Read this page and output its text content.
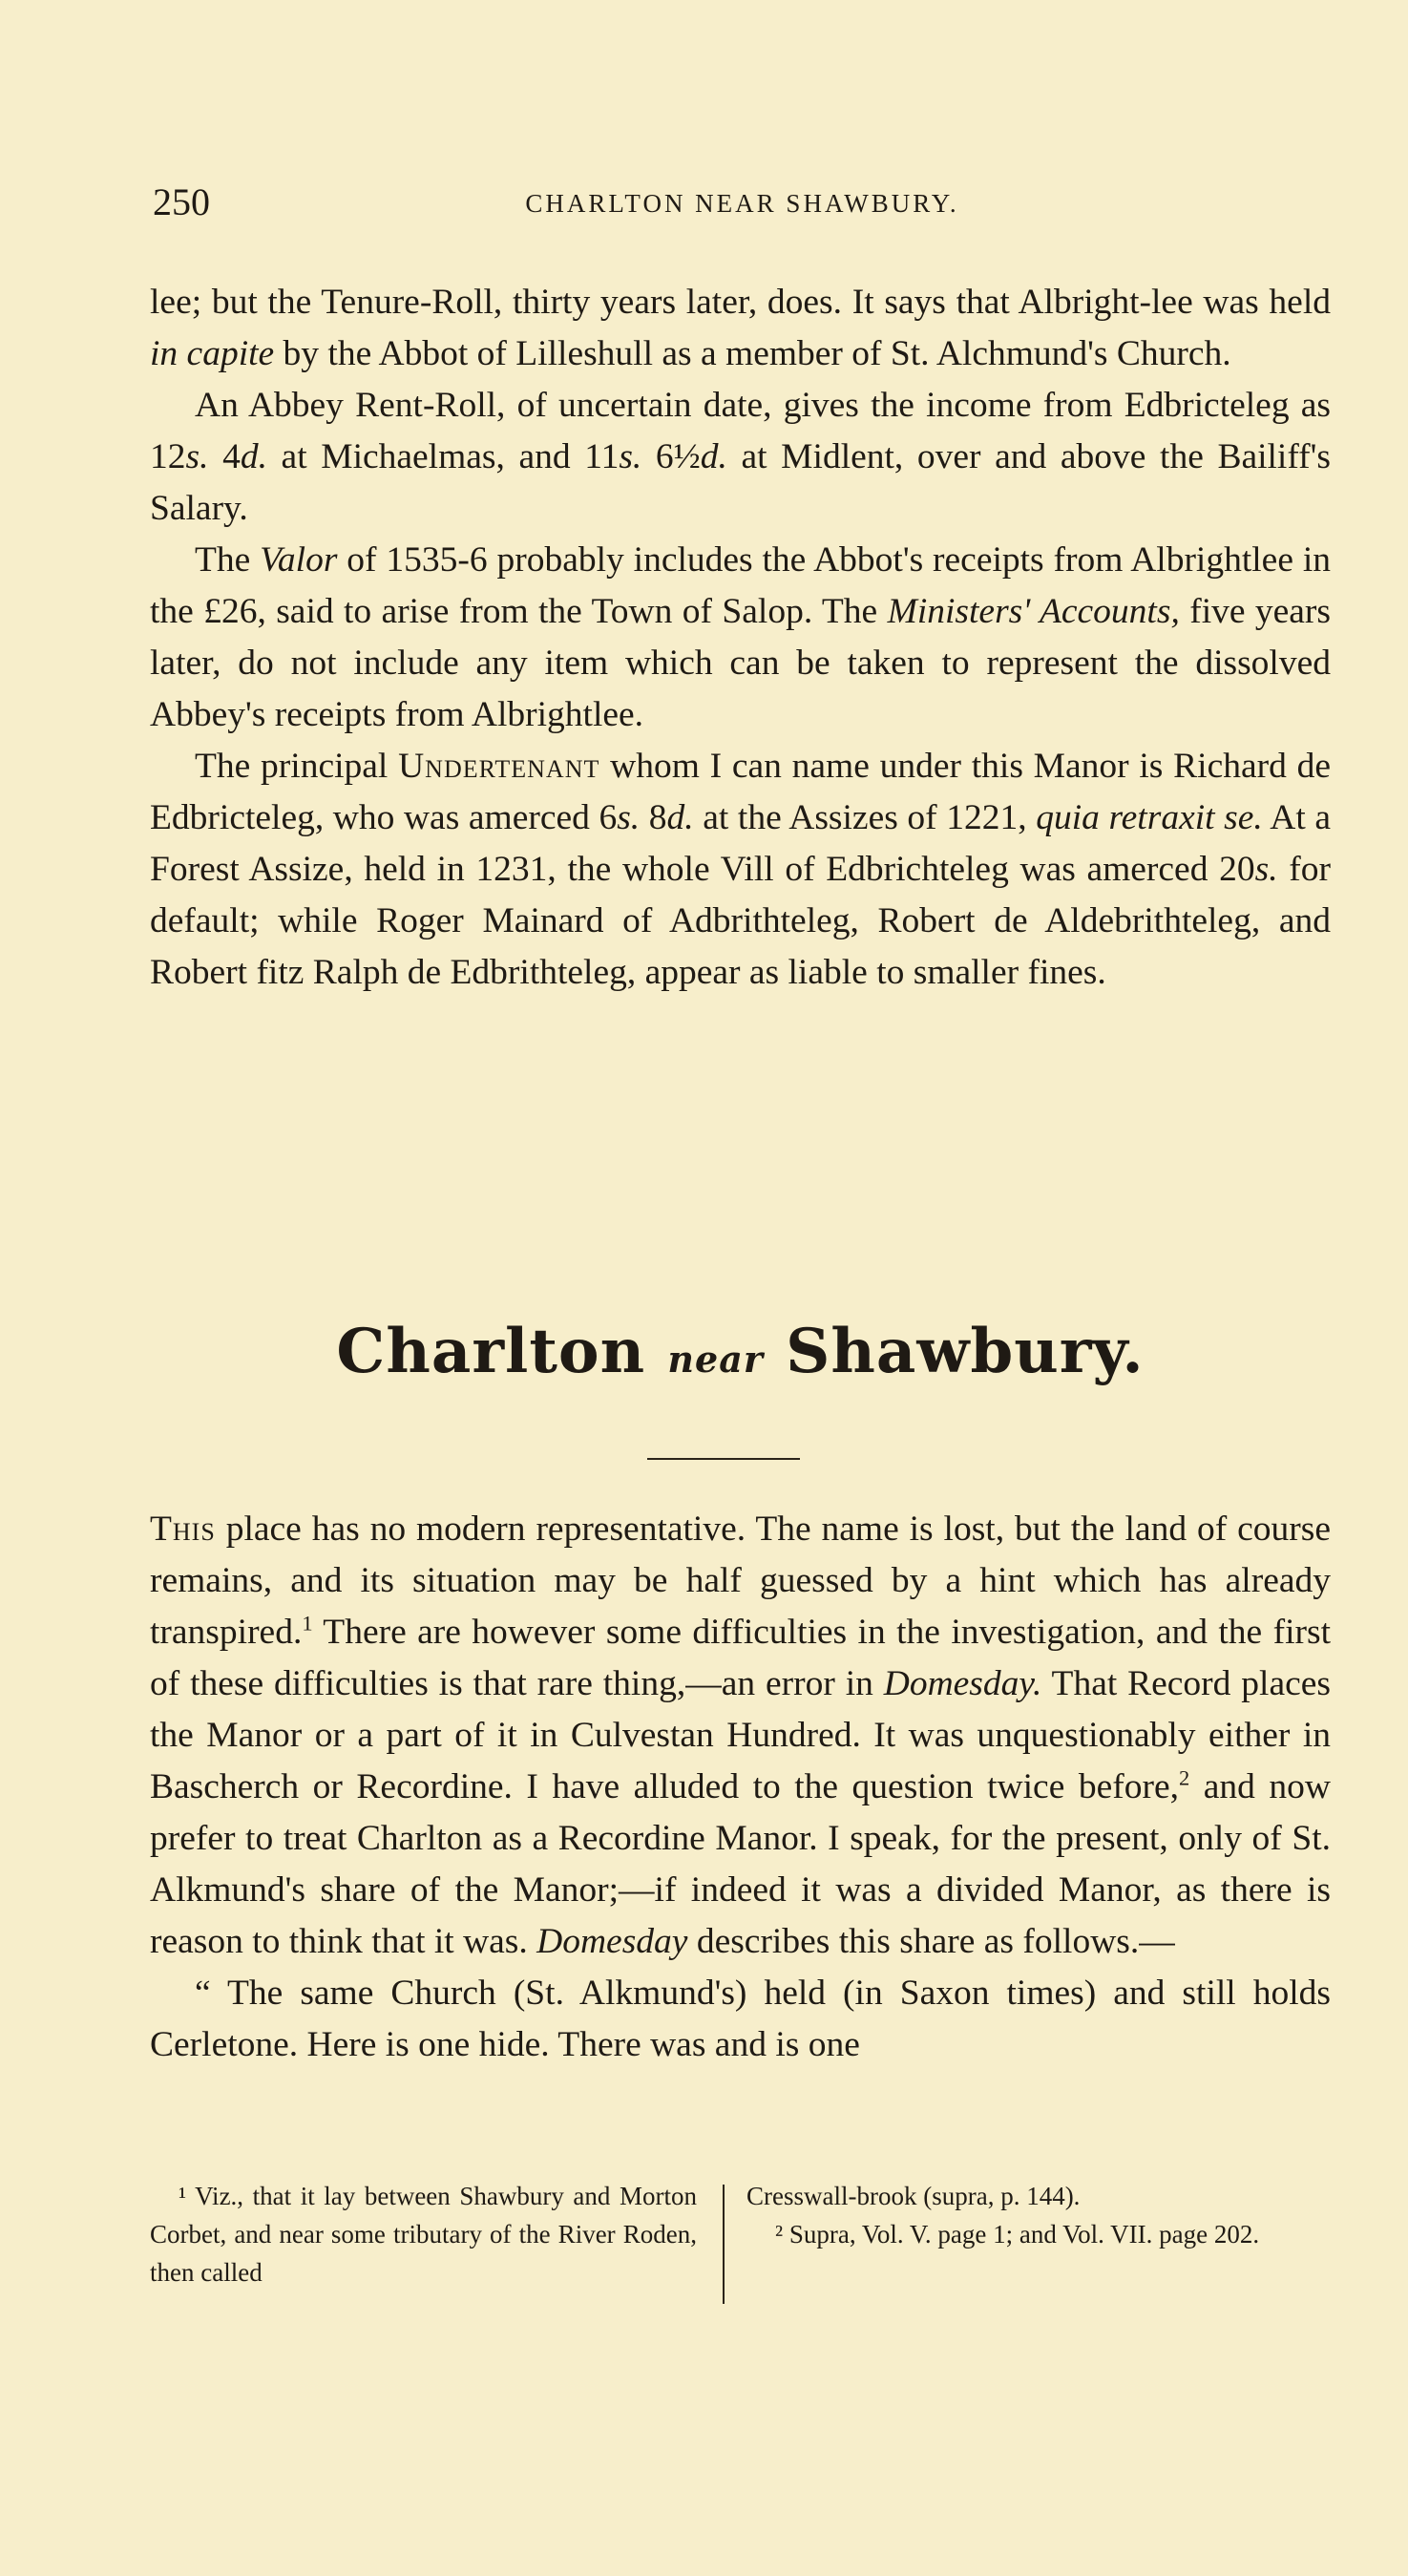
250	CHARLTON NEAR SHAWBURY.

lee; but the Tenure-Roll, thirty years later, does. It says that Albright-lee was held in capite by the Abbot of Lilleshull as a member of St. Alchmund's Church.

An Abbey Rent-Roll, of uncertain date, gives the income from Edbricteleg as 12s. 4d. at Michaelmas, and 11s. 6½d. at Midlent, over and above the Bailiff's Salary.

The Valor of 1535-6 probably includes the Abbot's receipts from Albrightlee in the £26, said to arise from the Town of Salop. The Ministers' Accounts, five years later, do not include any item which can be taken to represent the dissolved Abbey's receipts from Albrightlee.

The principal Undertenant whom I can name under this Manor is Richard de Edbricteleg, who was amerced 6s. 8d. at the Assizes of 1221, quia retraxit se. At a Forest Assize, held in 1231, the whole Vill of Edbrichteleg was amerced 20s. for default; while Roger Mainard of Adbrithteleg, Robert de Aldebrithteleg, and Robert fitz Ralph de Edbrithteleg, appear as liable to smaller fines.

Charlton near Shawbury.

This place has no modern representative. The name is lost, but the land of course remains, and its situation may be half guessed by a hint which has already transpired.$^1$ There are however some difficulties in the investigation, and the first of these difficulties is that rare thing,—an error in Domesday. That Record places the Manor or a part of it in Culvestan Hundred. It was unquestionably either in Bascherch or Recordine. I have alluded to the question twice before,$^2$ and now prefer to treat Charlton as a Recordine Manor. I speak, for the present, only of St. Alkmund's share of the Manor;—if indeed it was a divided Manor, as there is reason to think that it was. Domesday describes this share as follows.—

“ The same Church (St. Alkmund's) held (in Saxon times) and still holds Cerletone. Here is one hide. There was and is one

¹ Viz., that it lay between Shawbury and Morton Corbet, and near some tributary of the River Roden, then called

Cresswall-brook (supra, p. 144).

² Supra, Vol. V. page 1; and Vol. VII. page 202.
